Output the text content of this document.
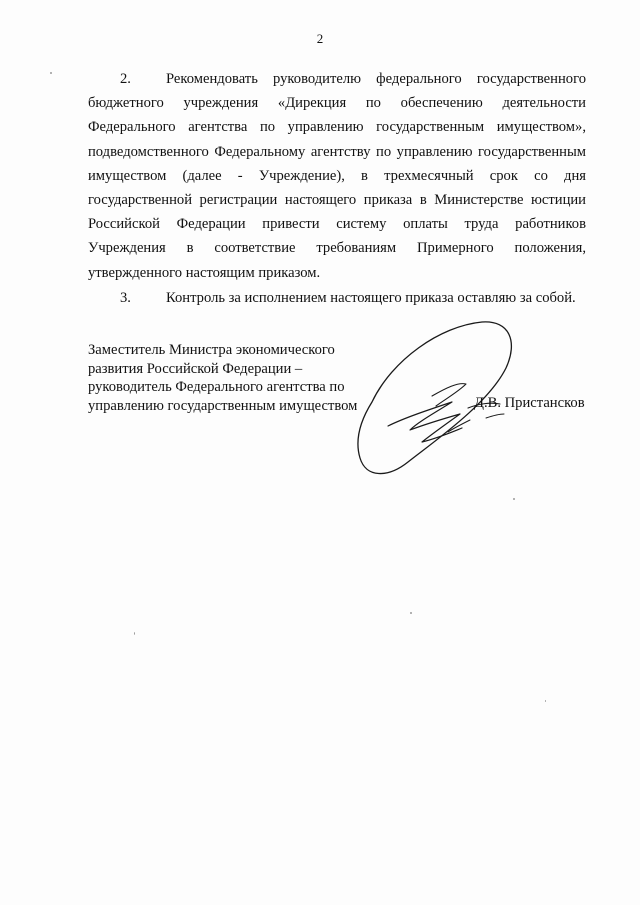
2

2. Рекомендовать руководителю федерального государственного бюджетного учреждения «Дирекция по обеспечению деятельности Федерального агентства по управлению государственным имуществом», подведомственного Федеральному агентству по управлению государственным имуществом (далее - Учреждение), в трехмесячный срок со дня государственной регистрации настоящего приказа в Министерстве юстиции Российской Федерации привести систему оплаты труда работников Учреждения в соответствие требованиям Примерного положения, утвержденного настоящим приказом.

3. Контроль за исполнением настоящего приказа оставляю за собой.

Заместитель Министра экономического
развития Российской Федерации –
руководитель Федерального агентства по
управлению государственным имуществом	Д.В. Пристансков
